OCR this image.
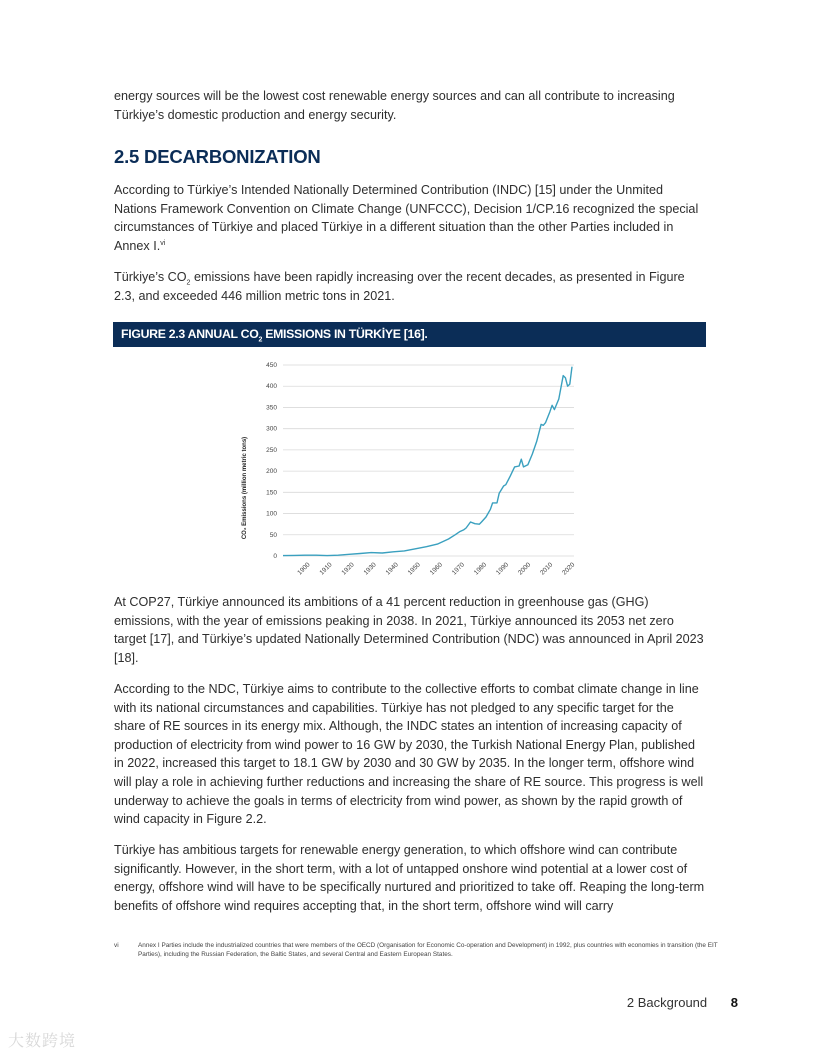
energy sources will be the lowest cost renewable energy sources and can all contribute to increasing Türkiye’s domestic production and energy security.

2.5 DECARBONIZATION

According to Türkiye’s Intended Nationally Determined Contribution (INDC) [15] under the Unmited Nations Framework Convention on Climate Change (UNFCCC), Decision 1/CP.16 recognized the special circumstances of Türkiye and placed Türkiye in a different situation than the other Parties included in Annex I.$^{vi}$

Türkiye’s $CO_2$ emissions have been rapidly increasing over the recent decades, as presented in Figure 2.3, and exceeded 446 million metric tons in 2021.

FIGURE 2.3 ANNUAL $CO_2$ EMISSIONS IN TÜRKİYE [16].
0
50
100
150
200
250
300
350
400
450
1900 1910 1920 1930 1940 1950 1960 1970 1980 1990 2000 2010 2020
CO₂ Emissions (million metric tons)

At COP27, Türkiye announced its ambitions of a 41 percent reduction in greenhouse gas (GHG) emissions, with the year of emissions peaking in 2038. In 2021, Türkiye announced its 2053 net zero target [17], and Türkiye’s updated Nationally Determined Contribution (NDC) was announced in April 2023 [18].

According to the NDC, Türkiye aims to contribute to the collective efforts to combat climate change in line with its national circumstances and capabilities. Türkiye has not pledged to any specific target for the share of RE sources in its energy mix. Although, the INDC states an intention of increasing capacity of production of electricity from wind power to 16 GW by 2030, the Turkish National Energy Plan, published in 2022, increased this target to 18.1 GW by 2030 and 30 GW by 2035. In the longer term, offshore wind will play a role in achieving further reductions and increasing the share of RE source. This progress is well underway to achieve the goals in terms of electricity from wind power, as shown by the rapid growth of wind capacity in Figure 2.2.

Türkiye has ambitious targets for renewable energy generation, to which offshore wind can contribute significantly. However, in the short term, with a lot of untapped onshore wind potential at a lower cost of energy, offshore wind will have to be specifically nurtured and prioritized to take off. Reaping the long-term benefits of offshore wind requires accepting that, in the short term, offshore wind will carry

vi	Annex I Parties include the industrialized countries that were members of the OECD (Organisation for Economic Co-operation and Development) in 1992, plus countries with economies in transition (the EIT Parties), including the Russian Federation, the Baltic States, and several Central and Eastern European States.
2 Background 8
大数跨境
